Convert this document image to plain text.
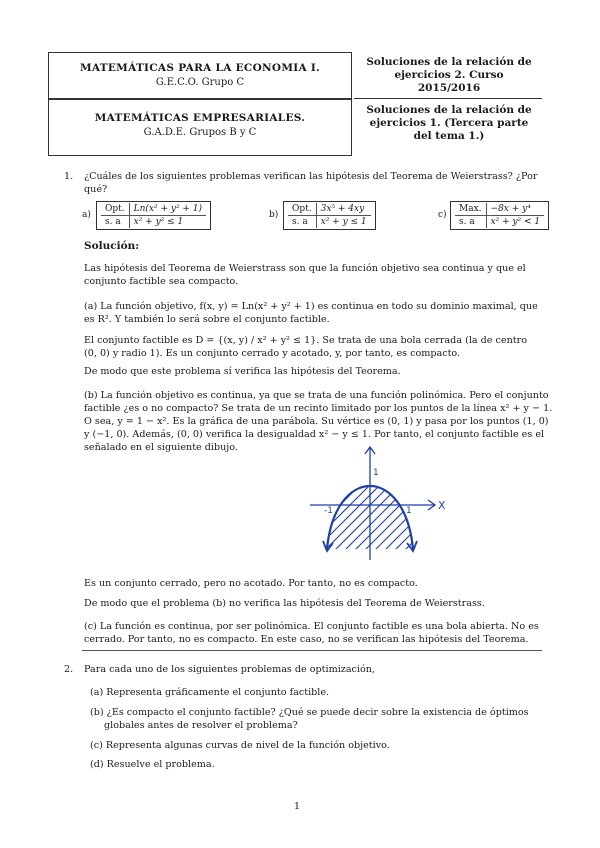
MATEMÁTICAS PARA LA ECONOMIA I.
G.E.C.O. Grupo C
MATEMÁTICAS EMPRESARIALES.
G.A.D.E. Grupos B y C
Soluciones de la relación de
ejercicios 2. Curso
2015/2016
Soluciones de la relación de
ejercicios 1. (Tercera parte
del tema 1.)
1. ¿Cuáles de los siguientes problemas verifican las hipótesis del Teorema de Weierstrass? ¿Por
qué?
a)
Opt.	Ln(x² + y² + 1)
s. a	x² + y² ≤ 1
b)
Opt.	3x⁵ + 4xy
s. a	x² + y ≤ 1
c)
Max.	−8x + y⁴
s. a	x² + y² < 1
Solución:
Las hipótesis del Teorema de Weierstrass son que la función objetivo sea continua y que el
conjunto factible sea compacto.
(a) La función objetivo, f(x, y) = Ln(x² + y² + 1) es continua en todo su dominio maximal, que
es R². Y también lo será sobre el conjunto factible.
El conjunto factible es D = {(x, y) / x² + y² ≤ 1}. Se trata de una bola cerrada (la de centro
(0, 0) y radio 1). Es un conjunto cerrado y acotado, y, por tanto, es compacto.
De modo que este problema sí verifica las hipótesis del Teorema.
(b) La función objetivo es continua, ya que se trata de una función polinómica. Pero el conjunto
factible ¿es o no compacto? Se trata de un recinto limitado por los puntos de la línea x² + y − 1.
O sea, y = 1 − x². Es la gráfica de una parábola. Su vértice es (0, 1) y pasa por los puntos (1, 0)
y (−1, 0). Además, (0, 0) verifica la desigualdad x² − y ≤ 1. Por tanto, el conjunto factible es el
señalado en el siguiente dibujo.
X
-1	1
1
Es un conjunto cerrado, pero no acotado. Por tanto, no es compacto.
De modo que el problema (b) no verifica las hipótesis del Teorema de Weierstrass.
(c) La función es continua, por ser polinómica. El conjunto factible es una bola abierta. No es
cerrado. Por tanto, no es compacto. En este caso, no se verifican las hipótesis del Teorema.
2. Para cada uno de los siguientes problemas de optimización,
(a) Representa gráficamente el conjunto factible.
(b) ¿Es compacto el conjunto factible? ¿Qué se puede decir sobre la existencia de óptimos
globales antes de resolver el problema?
(c) Representa algunas curvas de nivel de la función objetivo.
(d) Resuelve el problema.
1
